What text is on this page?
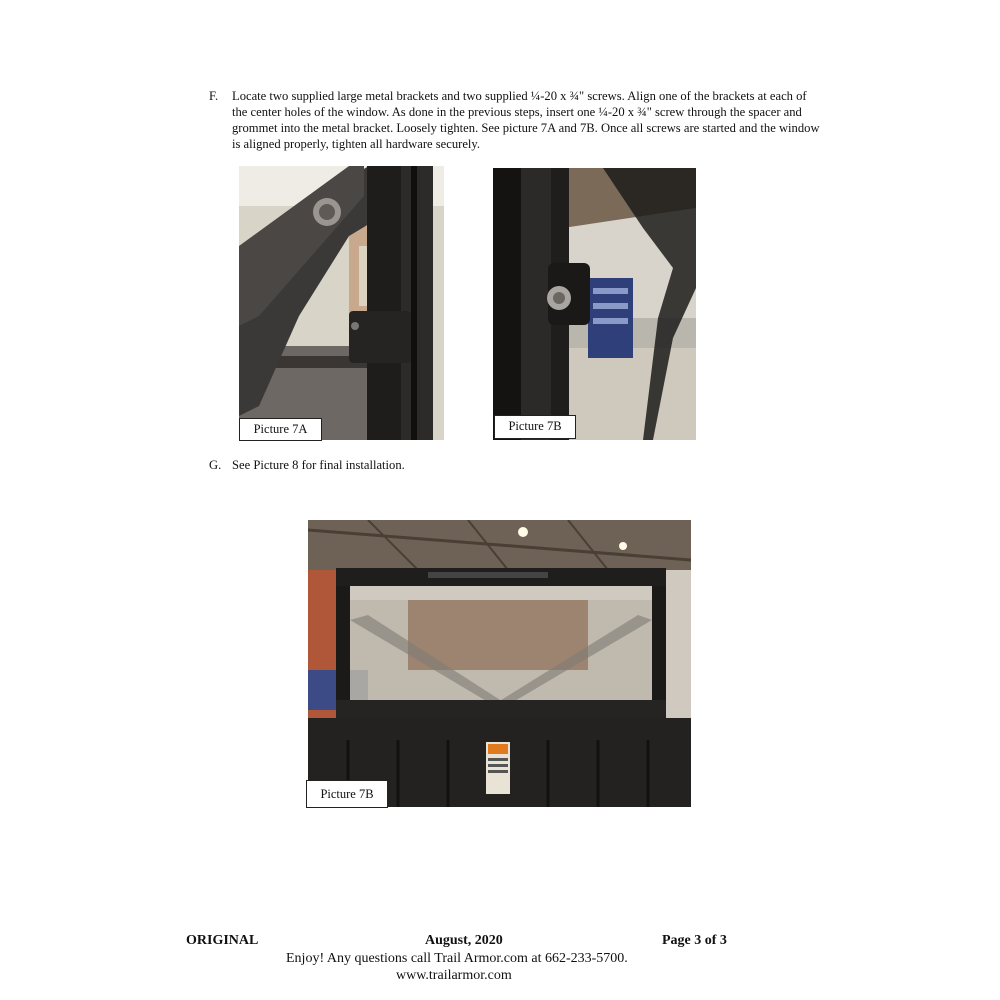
F. Locate two supplied large metal brackets and two supplied ¼-20 x ¾" screws. Align one of the brackets at each of the center holes of the window. As done in the previous steps, insert one ¼-20 x ¾" screw through the spacer and grommet into the metal bracket. Loosely tighten. See picture 7A and 7B. Once all screws are started and the window is aligned properly, tighten all hardware securely.
Picture 7A	Picture 7B
G. See Picture 8 for final installation.
Picture 7B
ORIGINAL	August, 2020	Page 3 of 3
Enjoy! Any questions call Trail Armor.com at 662-233-5700.
www.trailarmor.com
